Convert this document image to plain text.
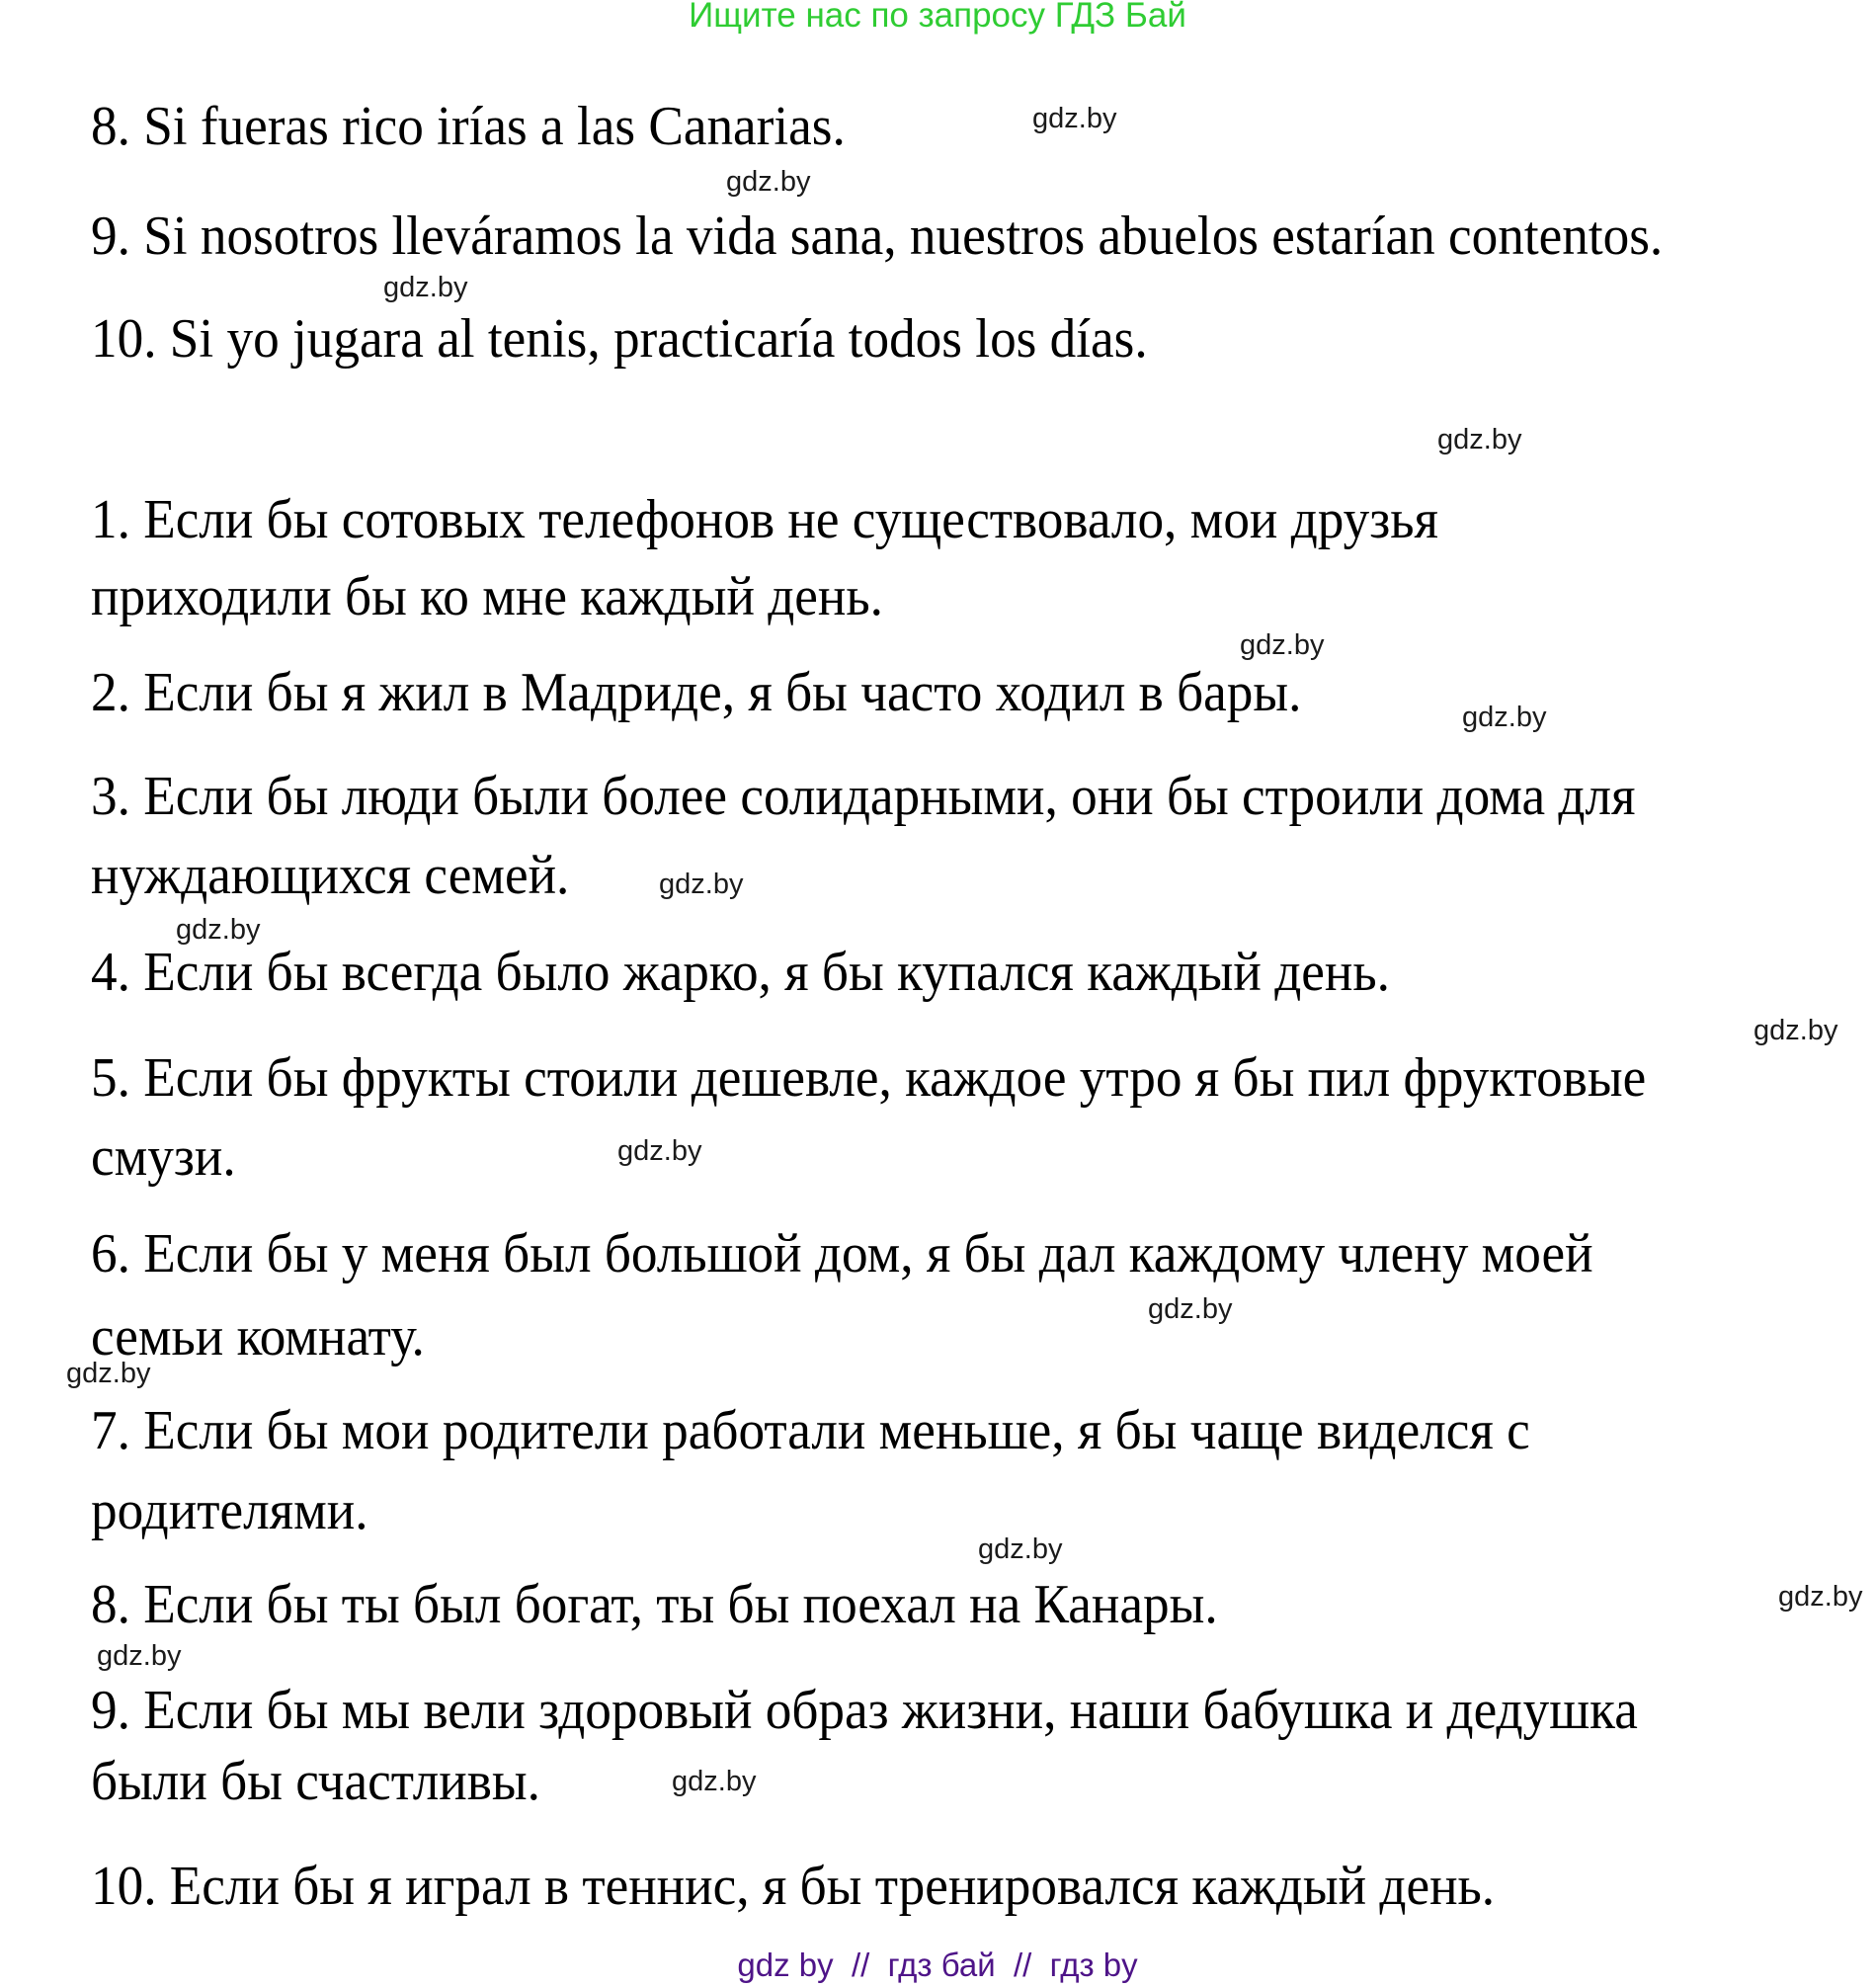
Ищите нас по запросу ГДЗ Бай
8. Si fueras rico irías a las Canarias.
9. Si nosotros lleváramos la vida sana, nuestros abuelos estarían contentos.
10. Si yo jugara al tenis, practicaría todos los días.
1. Если бы сотовых телефонов не существовало, мои друзья
приходили бы ко мне каждый день.
2. Если бы я жил в Мадриде, я бы часто ходил в бары.
3. Если бы люди были более солидарными, они бы строили дома для
нуждающихся семей.
4. Если бы всегда было жарко, я бы купался каждый день.
5. Если бы фрукты стоили дешевле, каждое утро я бы пил фруктовые
смузи.
6. Если бы у меня был большой дом, я бы дал каждому члену моей
семьи комнату.
7. Если бы мои родители работали меньше, я бы чаще виделся с
родителями.
8. Если бы ты был богат, ты бы поехал на Канары.
9. Если бы мы вели здоровый образ жизни, наши бабушка и дедушка
были бы счастливы.
10. Если бы я играл в теннис, я бы тренировался каждый день.
gdz.by
gdz.by
gdz.by
gdz.by
gdz.by
gdz.by
gdz.by
gdz.by
gdz.by
gdz.by
gdz.by
gdz.by
gdz.by
gdz.by
gdz.by
gdz.by
gdz by  //  гдз бай  //  гдз by
